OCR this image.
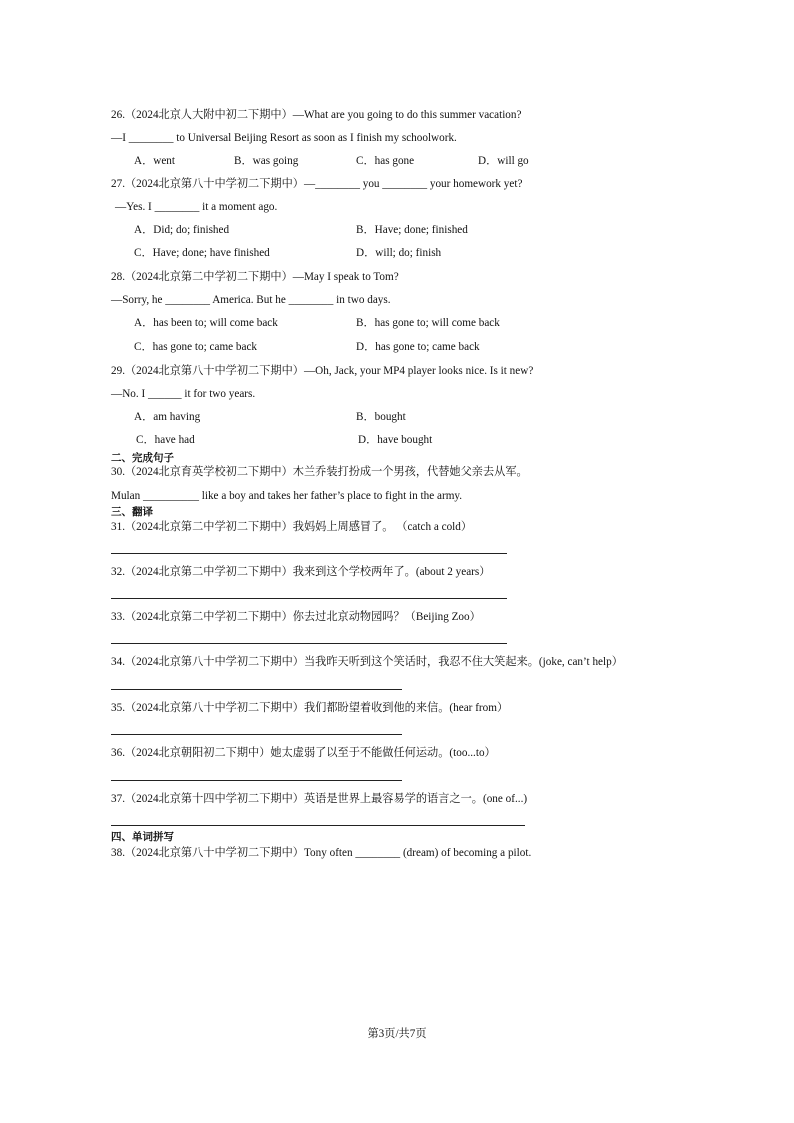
26.（2024北京人大附中初二下期中）—What are you going to do this summer vacation?
—I ________ to Universal Beijing Resort as soon as I finish my schoolwork.
A．went	B．was going	C．has gone	D．will go
27.（2024北京第八十中学初二下期中）—________ you ________ your homework yet?
—Yes. I ________ it a moment ago.
A．Did; do; finished	B．Have; done; finished
C．Have; done; have finished	D．will; do; finish
28.（2024北京第二中学初二下期中）—May I speak to Tom?
—Sorry, he ________ America. But he ________ in two days.
A．has been to; will come back	B．has gone to; will come back
C．has gone to; came back	D．has gone to; came back
29.（2024北京第八十中学初二下期中）—Oh, Jack, your MP4 player looks nice. Is it new?
—No. I ______ it for two years.
A．am having	B．bought
C．have had	D．have bought
二、完成句子
30.（2024北京育英学校初二下期中）木兰乔装打扮成一个男孩，代替她父亲去从军。
Mulan __________ like a boy and takes her father’s place to fight in the army.
三、翻译
31.（2024北京第二中学初二下期中）我妈妈上周感冒了。 （catch a cold）
32.（2024北京第二中学初二下期中）我来到这个学校两年了。(about 2 years）
33.（2024北京第二中学初二下期中）你去过北京动物园吗？（Beijing Zoo）
34.（2024北京第八十中学初二下期中）当我昨天听到这个笑话时，我忍不住大笑起来。(joke, can’t help）
35.（2024北京第八十中学初二下期中）我们都盼望着收到他的来信。(hear from）
36.（2024北京朝阳初二下期中）她太虚弱了以至于不能做任何运动。(too...to）
37.（2024北京第十四中学初二下期中）英语是世界上最容易学的语言之一。(one of...)
四、单词拼写
38.（2024北京第八十中学初二下期中）Tony often ________ (dream) of becoming a pilot.
第3页/共7页
